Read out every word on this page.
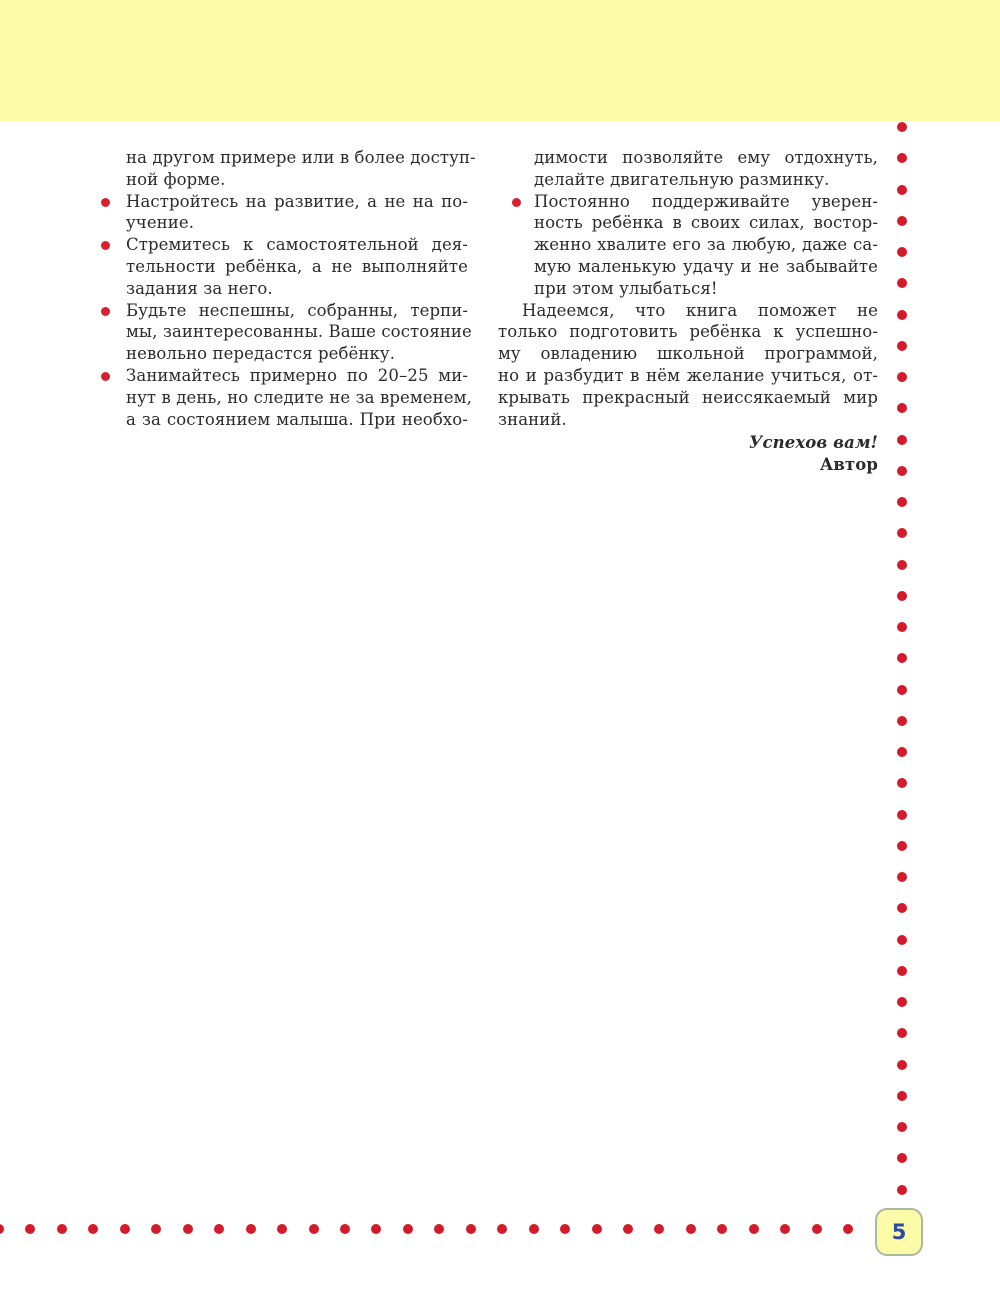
на другом примере или в более доступ-
ной форме.
Настройтесь на развитие, а не на по-
учение.
Стремитесь к самостоятельной дея-
тельности ребёнка, а не выполняйте
задания за него.
Будьте неспешны, собранны, терпи-
мы, заинтересованны. Ваше состояние
невольно передастся ребёнку.
Занимайтесь примерно по 20–25 ми-
нут в день, но следите не за временем,
а за состоянием малыша. При необхо-
димости позволяйте ему отдохнуть,
делайте двигательную разминку.
Постоянно поддерживайте уверен-
ность ребёнка в своих силах, востор-
женно хвалите его за любую, даже са-
мую маленькую удачу и не забывайте
при этом улыбаться!
Надеемся, что книга поможет не
только подготовить ребёнка к успешно-
му овладению школьной программой,
но и разбудит в нём желание учиться, от-
крывать прекрасный неиссякаемый мир
знаний.
Успехов вам!
Автор
5
